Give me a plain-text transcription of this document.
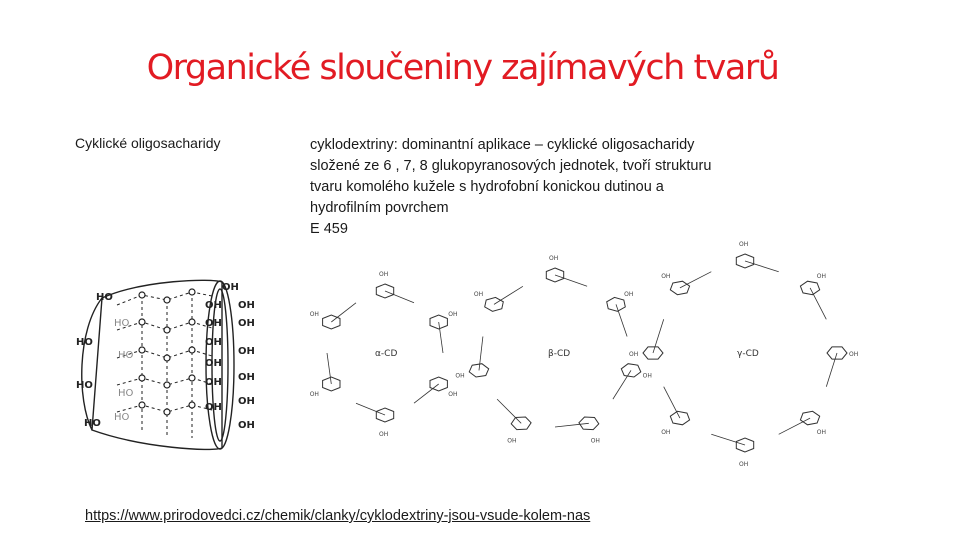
Organické sloučeniny zajímavých tvarů
Cyklické oligosacharidy	cyklodextriny: dominantní aplikace – cyklické oligosacharidy
složené ze 6 , 7, 8 glukopyranosových jednotek, tvoří strukturu
tvaru komolého kužele s hydrofobní konickou dutinou a
hydrofilním povrchem
E 459
HO
HO
HO
HO
HO
HO
HO
HO
OH
OH OH
OH OH
OH
OH
OH
OH
OH
OH
OH
OH
OH
OH
OH
OH
OH
OH
OH
OH
OH
OH
OH
OH
OH
OH
OH
OH
OH
OH
OH
OH
OH
α-CD	β-CD	γ-CD
https://www.prirodovedci.cz/chemik/clanky/cyklodextriny-jsou-vsude-kolem-nas
